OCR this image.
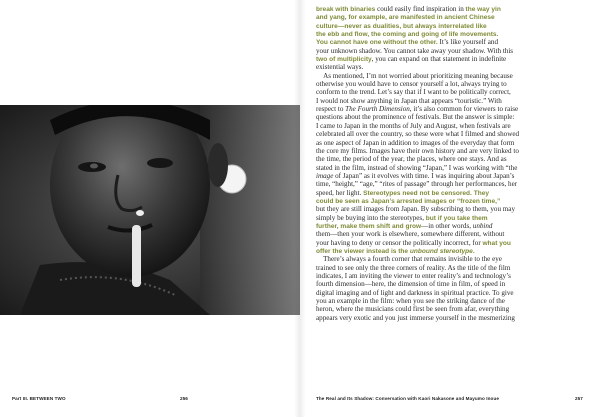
Part III. BETWEEN TWO	256	The Real and Its Shadow: Conversation with Kaori Nakasone and Mayumo Inoue	257
break with binaries could easily find inspiration in the way yin
and yang, for example, are manifested in ancient Chinese
culture—never as dualities, but always interrelated like
the ebb and flow, the coming and going of life movements.
You cannot have one without the other. It’s like yourself and
your unknown shadow. You cannot take away your shadow. With this
two of multiplicity, you can expand on that statement in indefinite
existential ways.
 As mentioned, I’m not worried about prioritizing meaning because
otherwise you would have to censor yourself a lot, always trying to
conform to the trend. Let’s say that if I want to be politically correct,
I would not show anything in Japan that appears “touristic.” With
respect to The Fourth Dimension, it’s also common for viewers to raise
questions about the prominence of festivals. But the answer is simple:
I came to Japan in the months of July and August, when festivals are
celebrated all over the country, so these were what I filmed and showed
as one aspect of Japan in addition to images of the everyday that form
the core my films. Images have their own history and are very linked to
the time, the period of the year, the places, where one stays. And as
stated in the film, instead of showing “Japan,” I was working with “the
image of Japan” as it evolves with time. I was inquiring about Japan’s
time, “height,” “age,” “rites of passage” through her performances, her
speed, her light. Stereotypes need not be censored. They
could be seen as Japan’s arrested images or “frozen time,”
but they are still images from Japan. By subscribing to them, you may
simply be buying into the stereotypes, but if you take them
further, make them shift and grow—in other words, unbind
them—then your work is elsewhere, somewhere different, without
your having to deny or censor the politically incorrect, for what you
offer the viewer instead is the unbound stereotype.
 There’s always a fourth corner that remains invisible to the eye
trained to see only the three corners of reality. As the title of the film
indicates, I am inviting the viewer to enter reality’s and technology’s
fourth dimension—here, the dimension of time in film, of speed in
digital imaging and of light and darkness in spiritual practice. To give
you an example in the film: when you see the striking dance of the
heron, where the musicians could first be seen from afar, everything
appears very exotic and you just immerse yourself in the mesmerizing
